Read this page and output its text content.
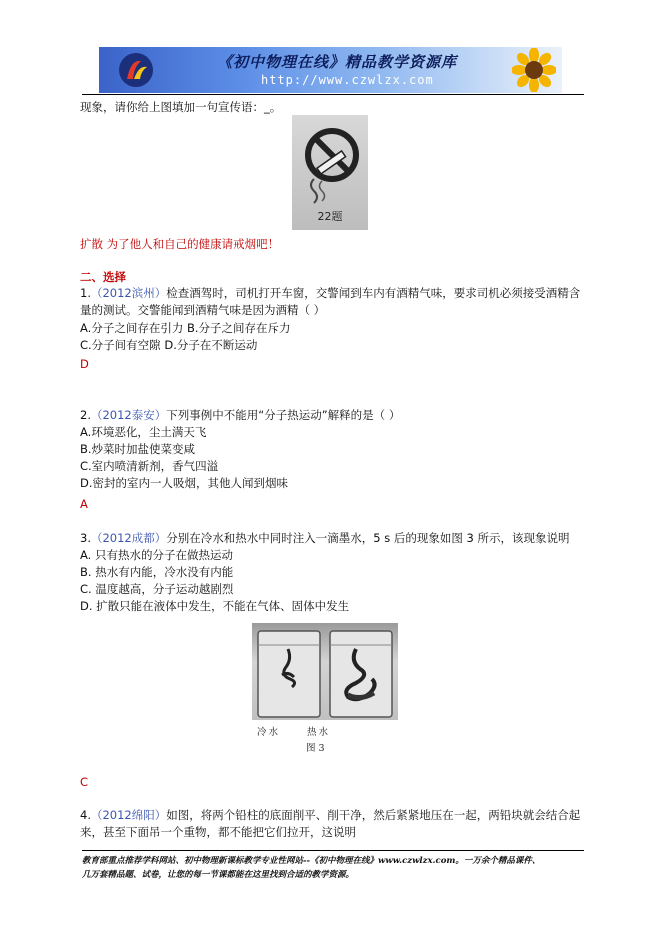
《初中物理在线》精品教学资源库
http://www.czwlzx.com
现象，请你给上图填加一句宣传语：_。
22题
扩散 为了他人和自己的健康请戒烟吧！
二、选择
1.（2012滨州）检查酒驾时，司机打开车窗，交警闻到车内有酒精气味，要求司机必须接受酒精含
量的测试。交警能闻到酒精气味是因为酒精（ ）
A.分子之间存在引力 B.分子之间存在斥力
C.分子间有空隙 D.分子在不断运动
D
2.（2012泰安）下列事例中不能用“分子热运动”解释的是（ ）
A.环境恶化，尘土满天飞
B.炒菜时加盐使菜变咸
C.室内喷清新剂，香气四溢
D.密封的室内一人吸烟，其他人闻到烟味
A
3.（2012成都）分别在冷水和热水中同时注入一滴墨水，5 s 后的现象如图 3 所示，该现象说明
A. 只有热水的分子在做热运动
B. 热水有内能，冷水没有内能
C. 温度越高，分子运动越剧烈
D. 扩散只能在液体中发生，不能在气体、固体中发生
冷水	热水
图 3
C
4.（2012绵阳）如图，将两个铅柱的底面削平、削干净，然后紧紧地压在一起，两铅块就会结合起
来，甚至下面吊一个重物，都不能把它们拉开，这说明
教育部重点推荐学科网站、初中物理新课标教学专业性网站--《初中物理在线》www.czwlzx.com。一万余个精品课件、
几万套精品题、试卷，让您的每一节课都能在这里找到合适的教学资源。
